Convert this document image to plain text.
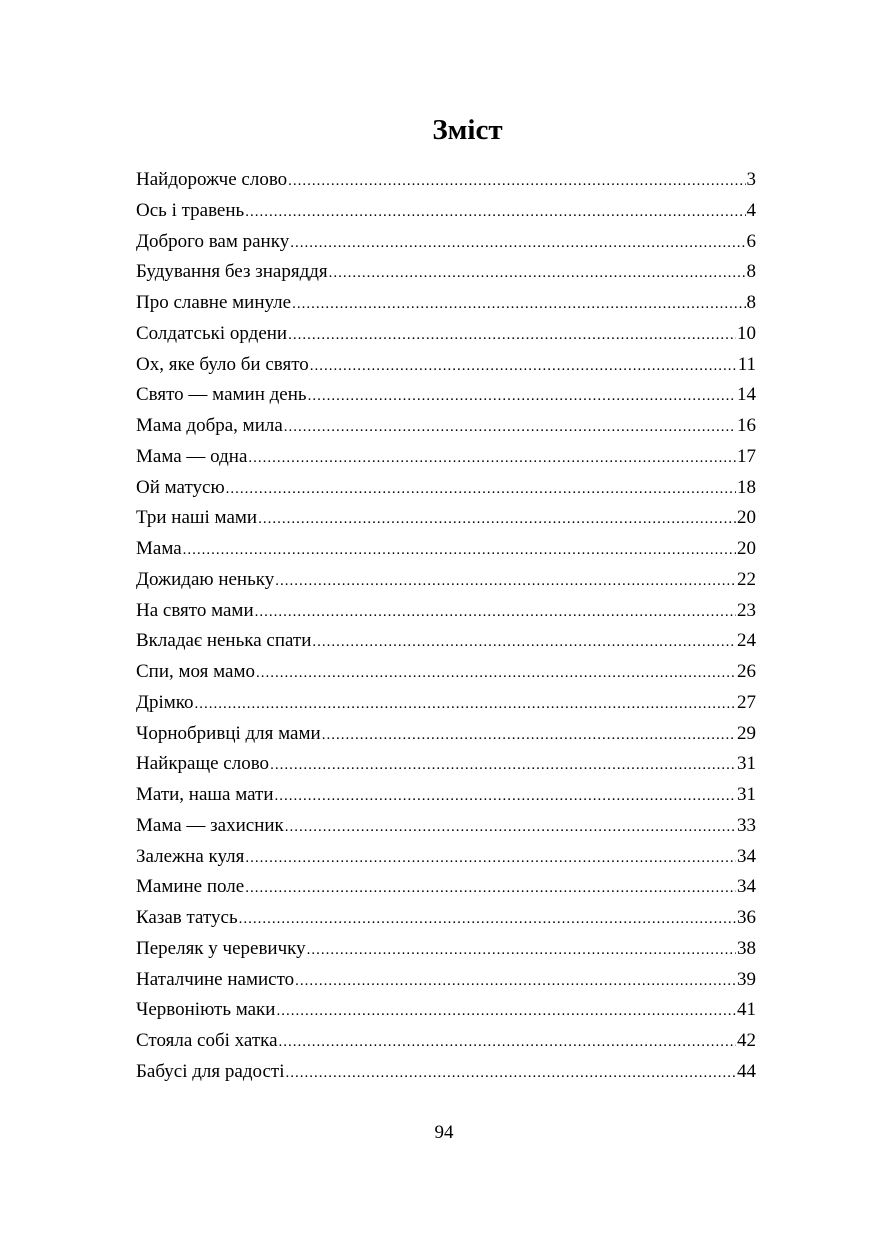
Зміст
Найдорожче слово .....	3
Ось і травень .....	4
Доброго вам ранку .....	6
Будування без знаряддя .....	8
Про славне минуле .....	8
Солдатські ордени .....	10
Ох, яке було би свято .....	11
Свято — мамин день .....	14
Мама добра, мила .....	16
Мама — одна .....	17
Ой матусю .....	18
Три наші мами .....	20
Мама .....	20
Дожидаю неньку .....	22
На свято мами .....	23
Вкладає ненька спати .....	24
Спи, моя мамо .....	26
Дрімко .....	27
Чорнобривці для мами .....	29
Найкраще слово .....	31
Мати, наша мати .....	31
Мама — захисник .....	33
Залежна куля .....	34
Мамине поле .....	34
Казав татусь .....	36
Переляк у черевичку .....	38
Наталчине намисто .....	39
Червоніють маки .....	41
Стояла собі хатка .....	42
Бабусі для радості .....	44
94
